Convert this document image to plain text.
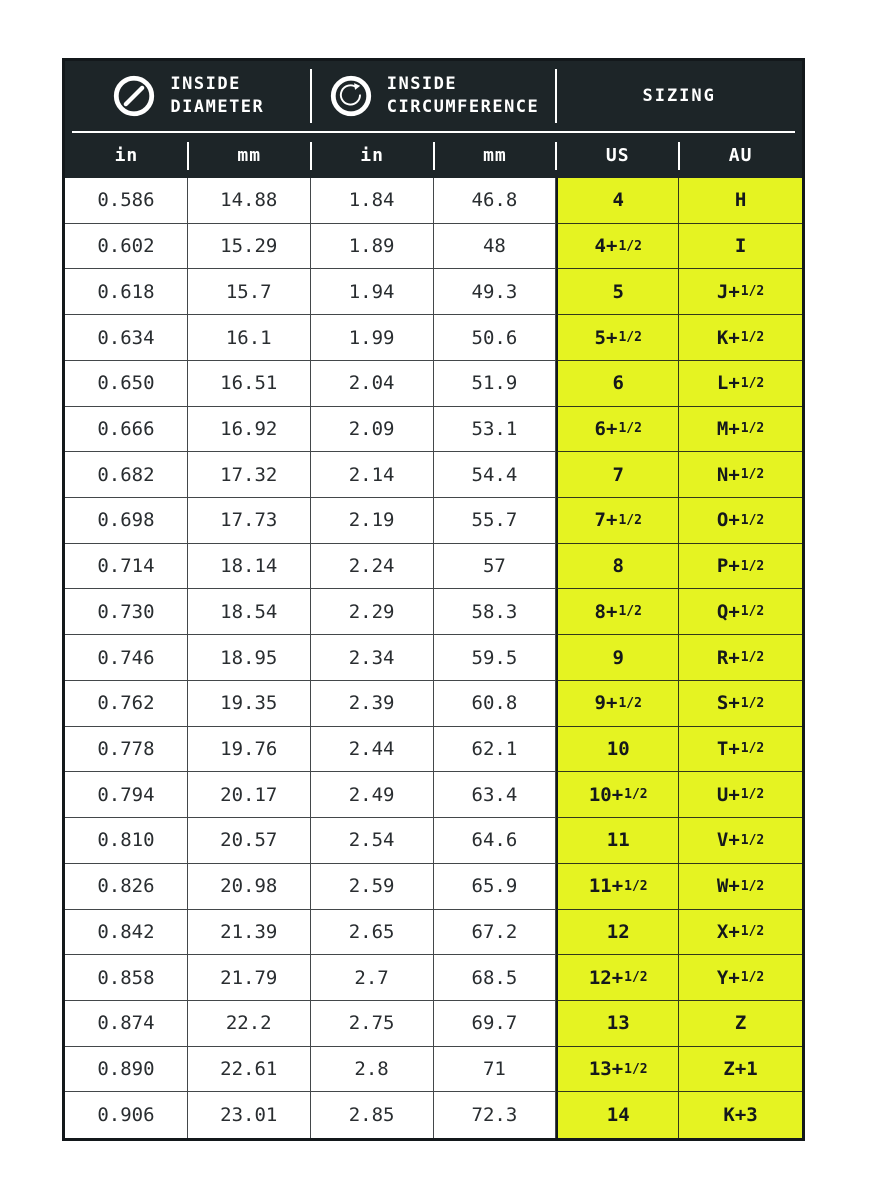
INSIDE
DIAMETER
INSIDE
CIRCUMFERENCE
SIZING
in	mm	in	mm	US	AU
0.586	14.88	1.84	46.8	4	H
0.602	15.29	1.89	48	4+ 1/2	I
0.618	15.7	1.94	49.3	5	J+ 1/2
0.634	16.1	1.99	50.6	5+ 1/2	K+ 1/2
0.650	16.51	2.04	51.9	6	L+ 1/2
0.666	16.92	2.09	53.1	6+ 1/2	M+ 1/2
0.682	17.32	2.14	54.4	7	N+ 1/2
0.698	17.73	2.19	55.7	7+ 1/2	O+ 1/2
0.714	18.14	2.24	57	8	P+ 1/2
0.730	18.54	2.29	58.3	8+ 1/2	Q+ 1/2
0.746	18.95	2.34	59.5	9	R+ 1/2
0.762	19.35	2.39	60.8	9+ 1/2	S+ 1/2
0.778	19.76	2.44	62.1	10	T+ 1/2
0.794	20.17	2.49	63.4	10+ 1/2	U+ 1/2
0.810	20.57	2.54	64.6	11	V+ 1/2
0.826	20.98	2.59	65.9	11+ 1/2	W+ 1/2
0.842	21.39	2.65	67.2	12	X+ 1/2
0.858	21.79	2.7	68.5	12+ 1/2	Y+ 1/2
0.874	22.2	2.75	69.7	13	Z
0.890	22.61	2.8	71	13+ 1/2	Z+1
0.906	23.01	2.85	72.3	14	K+3
